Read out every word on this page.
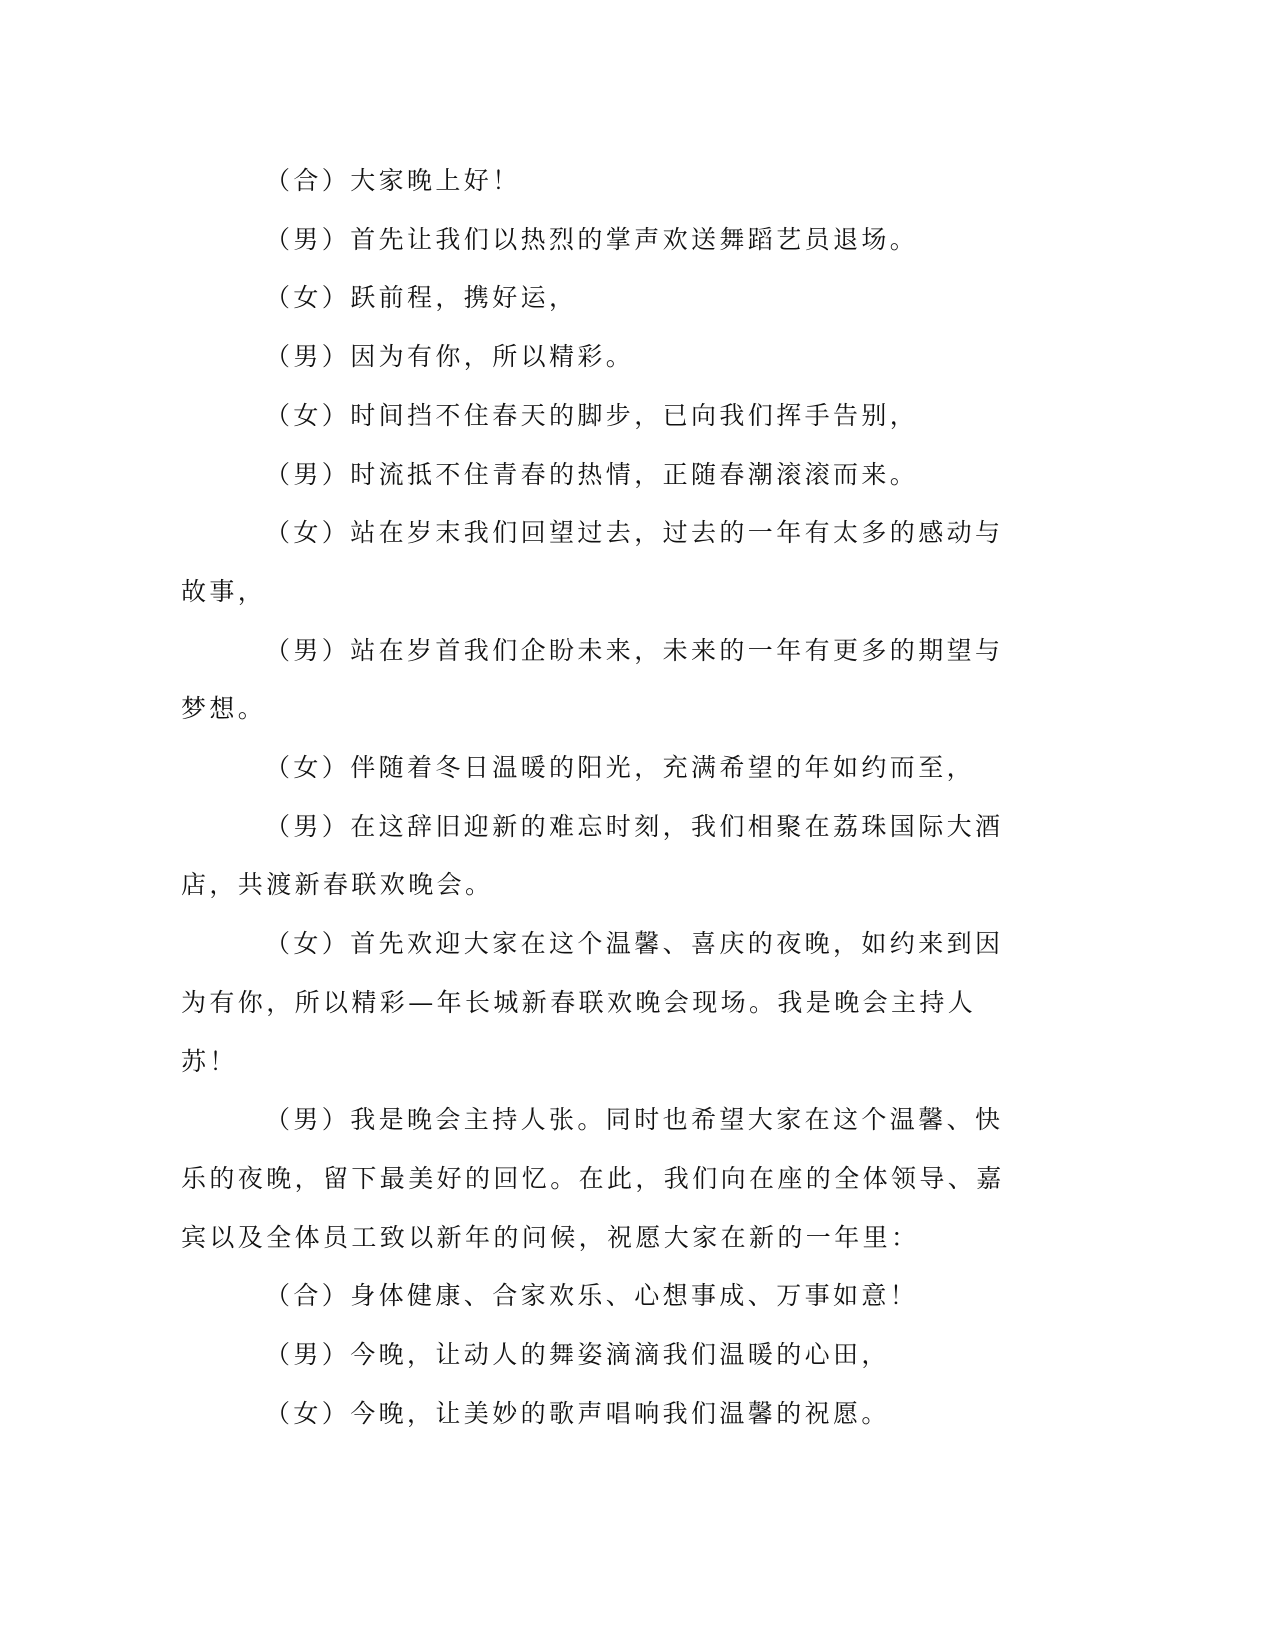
（合）大家晚上好！

（男）首先让我们以热烈的掌声欢送舞蹈艺员退场。

（女）跃前程，携好运，

（男）因为有你，所以精彩。

（女）时间挡不住春天的脚步，已向我们挥手告别，

（男）时流抵不住青春的热情，正随春潮滚滚而来。

（女）站在岁末我们回望过去，过去的一年有太多的感动与故事，

（男）站在岁首我们企盼未来，未来的一年有更多的期望与梦想。

（女）伴随着冬日温暖的阳光，充满希望的年如约而至，

（男）在这辞旧迎新的难忘时刻，我们相聚在荔珠国际大酒店，共渡新春联欢晚会。

（女）首先欢迎大家在这个温馨、喜庆的夜晚，如约来到因为有你，所以精彩—年长城新春联欢晚会现场。我是晚会主持人苏！

（男）我是晚会主持人张。同时也希望大家在这个温馨、快乐的夜晚，留下最美好的回忆。在此，我们向在座的全体领导、嘉宾以及全体员工致以新年的问候，祝愿大家在新的一年里：

（合）身体健康、合家欢乐、心想事成、万事如意！

（男）今晚，让动人的舞姿滴滴我们温暖的心田，

（女）今晚，让美妙的歌声唱响我们温馨的祝愿。
